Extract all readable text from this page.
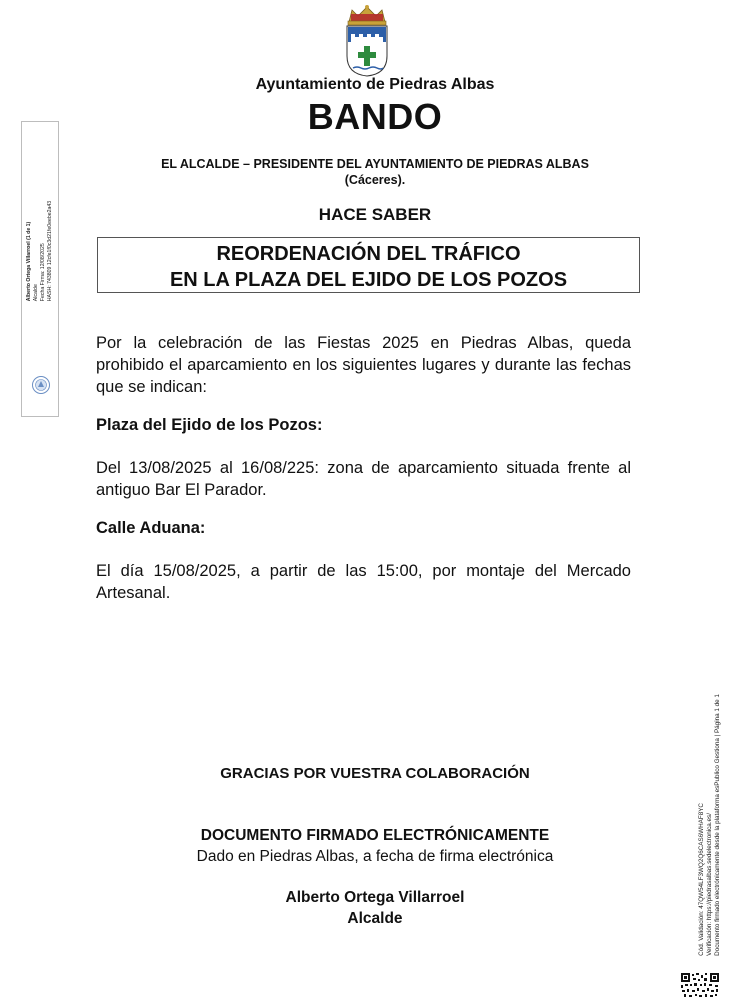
Ayuntamiento de Piedras Albas
BANDO
EL ALCALDE – PRESIDENTE DEL AYUNTAMIENTO DE PIEDRAS ALBAS
(Cáceres).
HACE SABER
REORDENACIÓN DEL TRÁFICO
EN LA PLAZA DEL EJIDO DE LOS POZOS
Por la celebración de las Fiestas 2025 en Piedras Albas, queda prohibido el aparcamiento en los siguientes lugares y durante las fechas que se indican:
Plaza del Ejido de los Pozos:
Del 13/08/2025 al 16/08/225: zona de aparcamiento situada frente al antiguo Bar El Parador.
Calle Aduana:
El día 15/08/2025, a partir de las 15:00, por montaje del Mercado Artesanal.
GRACIAS POR VUESTRA COLABORACIÓN
DOCUMENTO FIRMADO ELECTRÓNICAMENTE
Dado en Piedras Albas, a fecha de firma electrónica
Alberto Ortega Villarroel
Alcalde
Alberto Ortega Villarroel (1 de 1) Alcalde Fecha Firma: 12/08/2025 HASH: 743809 12cfe1f0c3d21fe0eebe2a43
Cód. Validación: 47QW54LF3WQ2Q6CAS6WHAF8YC Verificación: https://piedrasalbas.sedelectronica.es/ Documento firmado electrónicamente desde la plataforma esPublico Gestiona | Página 1 de 1
